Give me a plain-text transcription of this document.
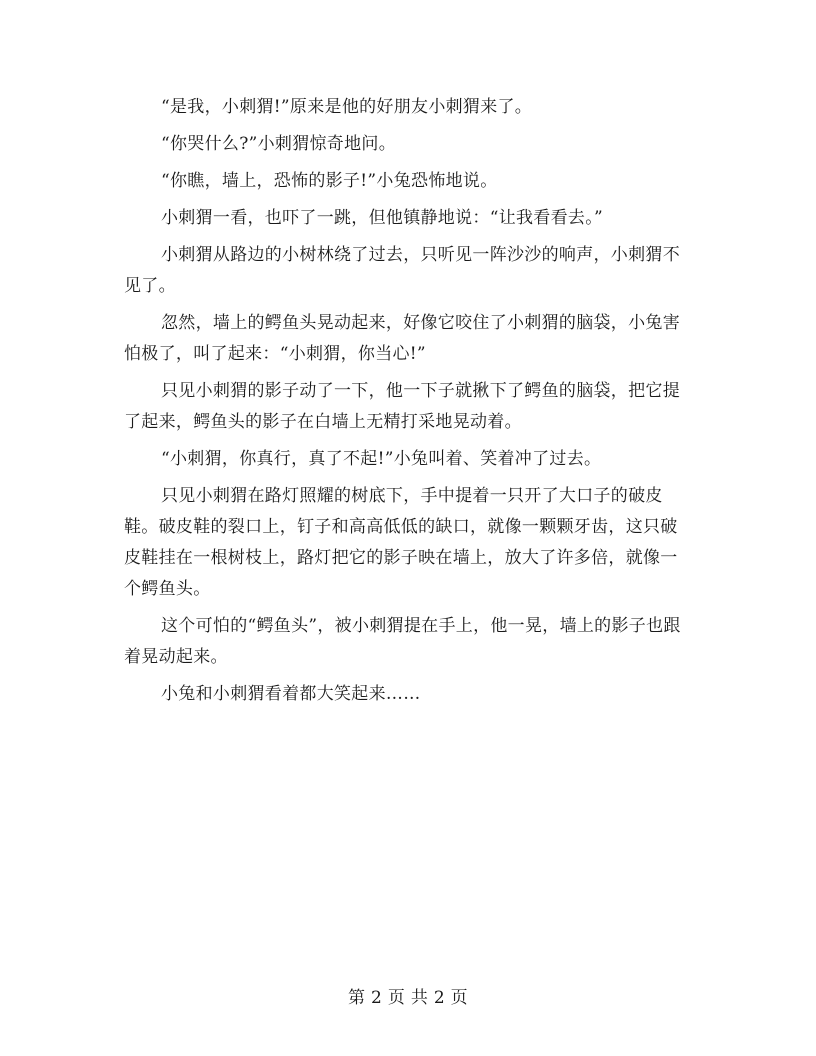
“是我，小刺猬!”原来是他的好朋友小刺猬来了。

“你哭什么?”小刺猬惊奇地问。

“你瞧，墙上，恐怖的影子!”小兔恐怖地说。

小刺猬一看，也吓了一跳，但他镇静地说：“让我看看去。”

小刺猬从路边的小树林绕了过去，只听见一阵沙沙的响声，小刺猬不见了。

忽然，墙上的鳄鱼头晃动起来，好像它咬住了小刺猬的脑袋，小兔害怕极了，叫了起来：“小刺猬，你当心!”

只见小刺猬的影子动了一下，他一下子就揪下了鳄鱼的脑袋，把它提了起来，鳄鱼头的影子在白墙上无精打采地晃动着。

“小刺猬，你真行，真了不起!”小兔叫着、笑着冲了过去。

只见小刺猬在路灯照耀的树底下，手中提着一只开了大口子的破皮鞋。破皮鞋的裂口上，钉子和高高低低的缺口，就像一颗颗牙齿，这只破皮鞋挂在一根树枝上，路灯把它的影子映在墙上，放大了许多倍，就像一个鳄鱼头。

这个可怕的“鳄鱼头”，被小刺猬提在手上，他一晃，墙上的影子也跟着晃动起来。

小兔和小刺猬看着都大笑起来……

第 2 页 共 2 页
